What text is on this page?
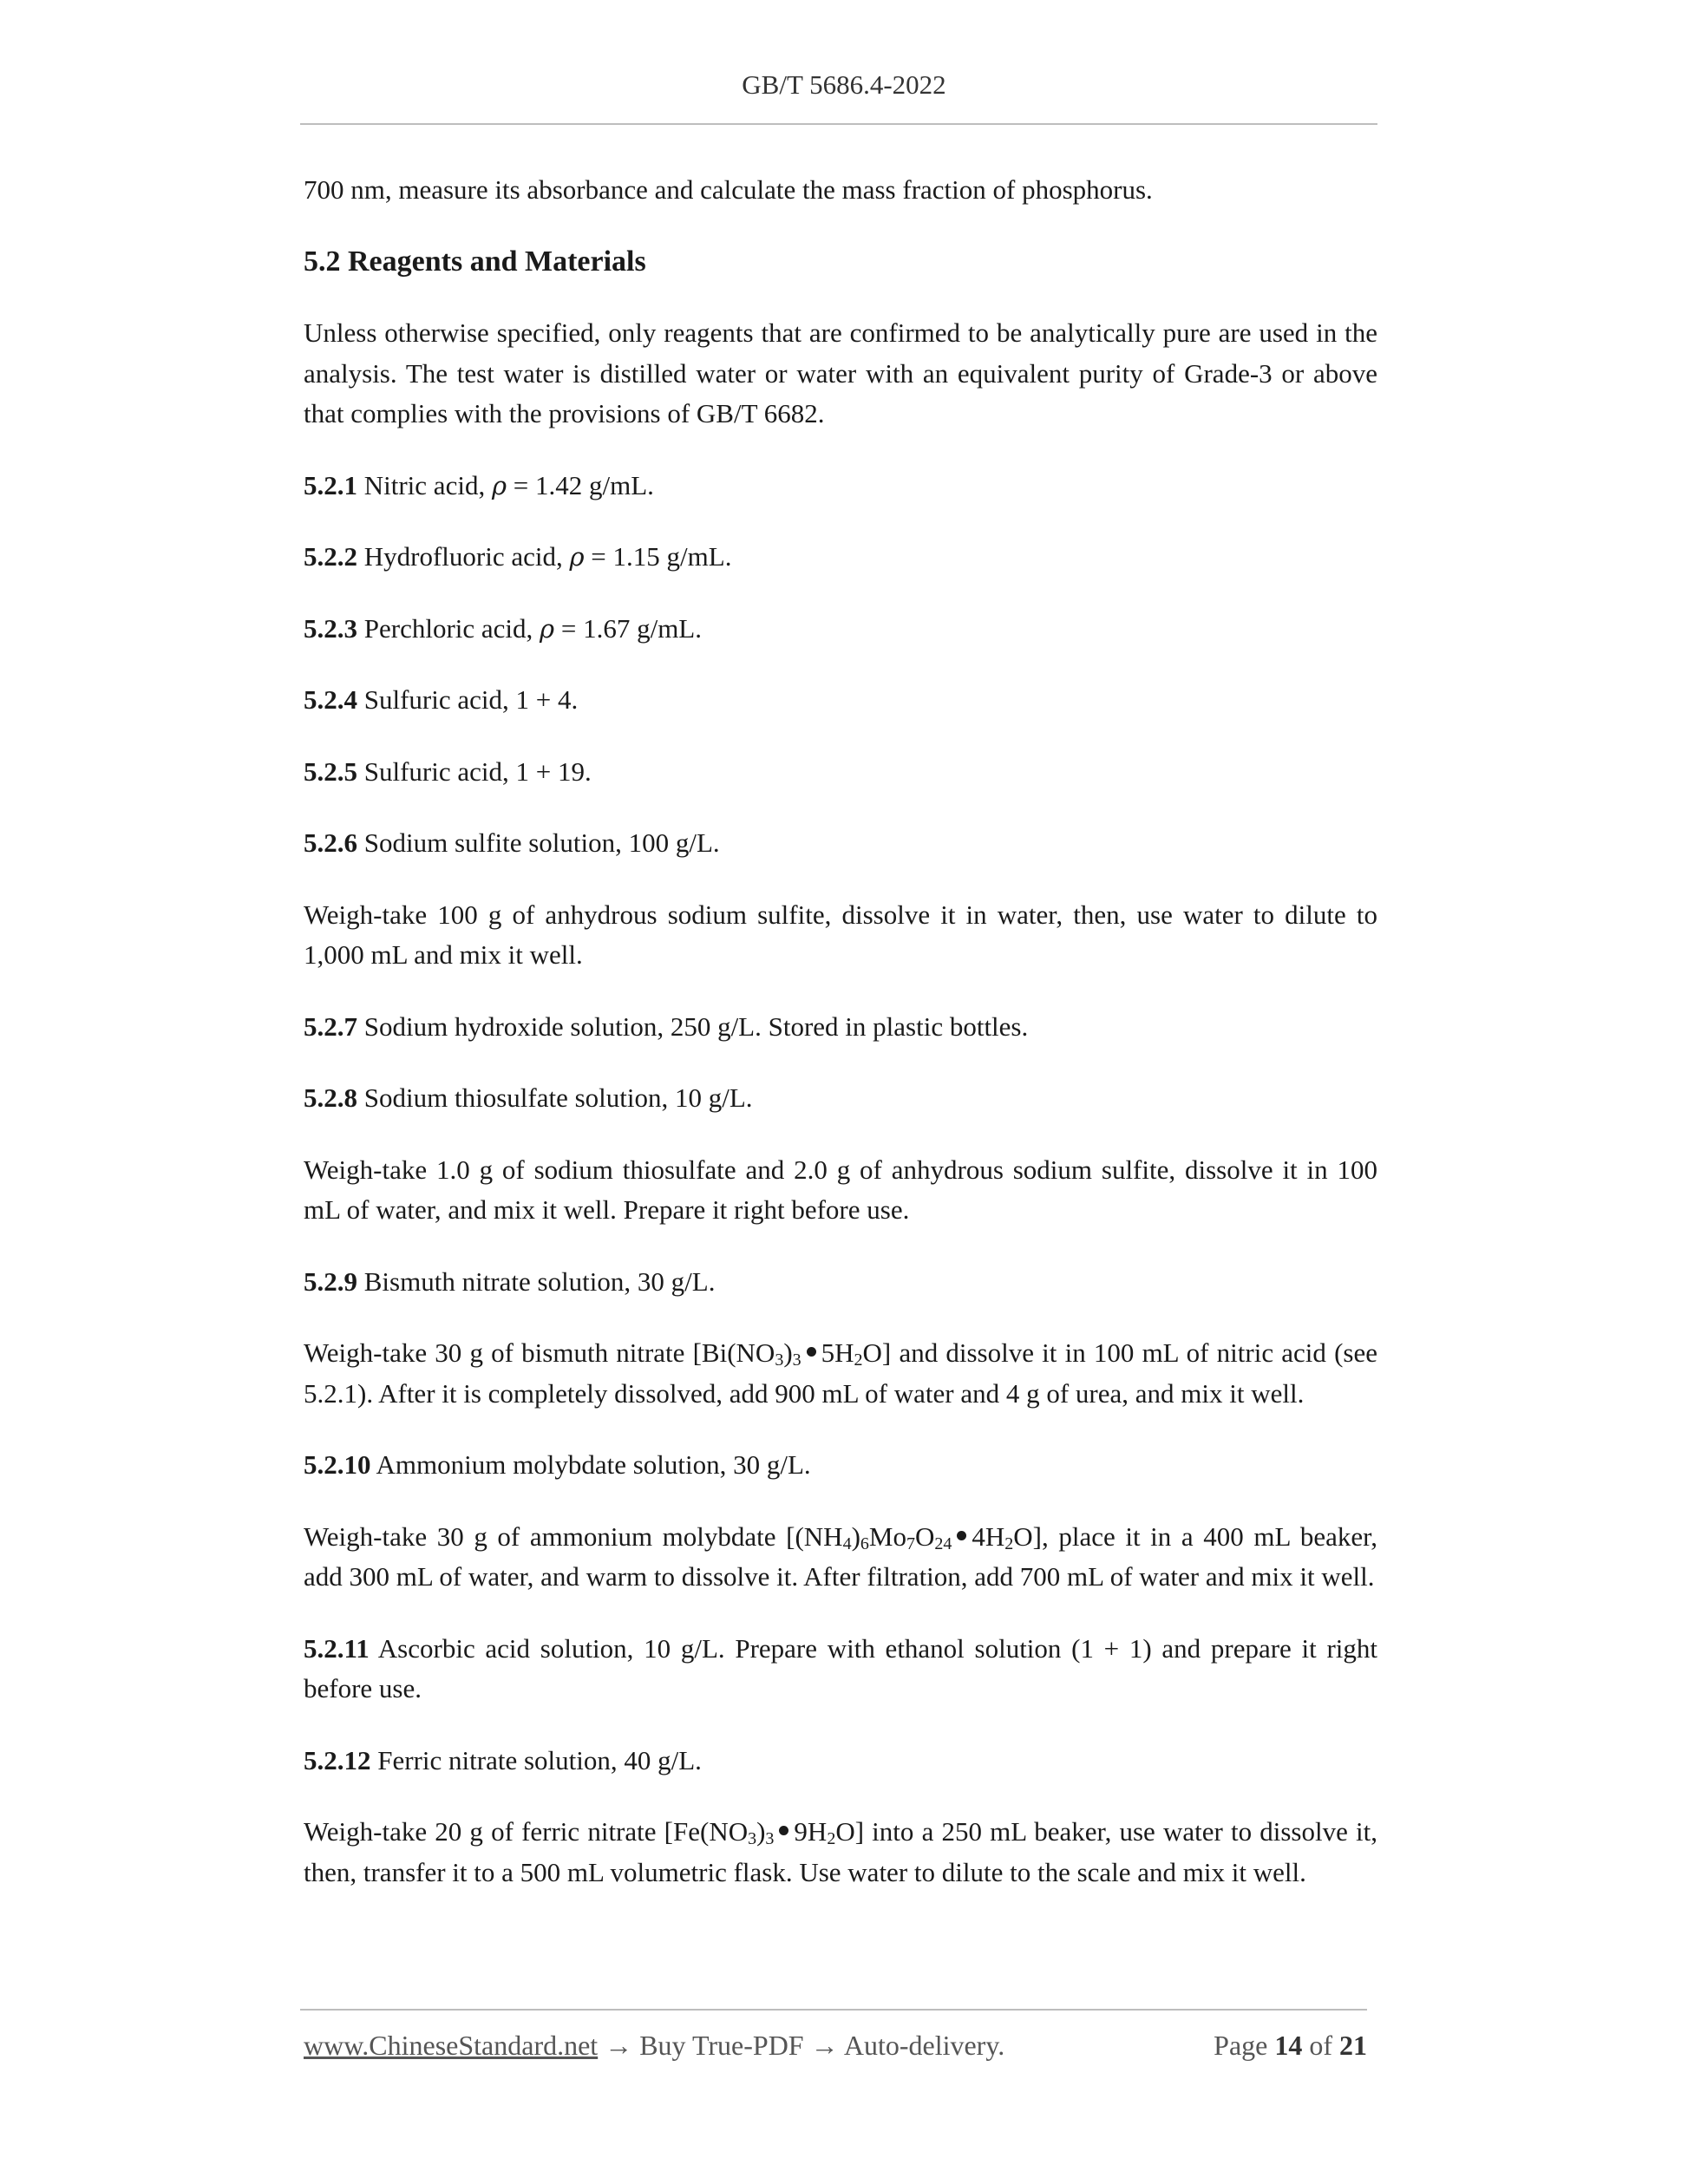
GB/T 5686.4-2022

700 nm, measure its absorbance and calculate the mass fraction of phosphorus.

5.2 Reagents and Materials

Unless otherwise specified, only reagents that are confirmed to be analytically pure are used in the analysis. The test water is distilled water or water with an equivalent purity of Grade-3 or above that complies with the provisions of GB/T 6682.

5.2.1 Nitric acid, ρ = 1.42 g/mL.

5.2.2 Hydrofluoric acid, ρ = 1.15 g/mL.

5.2.3 Perchloric acid, ρ = 1.67 g/mL.

5.2.4 Sulfuric acid, 1 + 4.

5.2.5 Sulfuric acid, 1 + 19.

5.2.6 Sodium sulfite solution, 100 g/L.

Weigh-take 100 g of anhydrous sodium sulfite, dissolve it in water, then, use water to dilute to 1,000 mL and mix it well.

5.2.7 Sodium hydroxide solution, 250 g/L. Stored in plastic bottles.

5.2.8 Sodium thiosulfate solution, 10 g/L.

Weigh-take 1.0 g of sodium thiosulfate and 2.0 g of anhydrous sodium sulfite, dissolve it in 100 mL of water, and mix it well. Prepare it right before use.

5.2.9 Bismuth nitrate solution, 30 g/L.

Weigh-take 30 g of bismuth nitrate [$Bi(NO_3)_3$ $5H_2O$] and dissolve it in 100 mL of nitric acid (see 5.2.1). After it is completely dissolved, add 900 mL of water and 4 g of urea, and mix it well.

5.2.10 Ammonium molybdate solution, 30 g/L.

Weigh-take 30 g of ammonium molybdate [$(NH_4)_6Mo_7O_{24}$ $4H_2O$], place it in a 400 mL beaker, add 300 mL of water, and warm to dissolve it. After filtration, add 700 mL of water and mix it well.

5.2.11 Ascorbic acid solution, 10 g/L. Prepare with ethanol solution (1 + 1) and prepare it right before use.

5.2.12 Ferric nitrate solution, 40 g/L.

Weigh-take 20 g of ferric nitrate [$Fe(NO_3)_3$ $9H_2O$] into a 250 mL beaker, use water to dissolve it, then, transfer it to a 500 mL volumetric flask. Use water to dilute to the scale and mix it well.

www.ChineseStandard.net → Buy True-PDF → Auto-delivery.	Page 14 of 21
